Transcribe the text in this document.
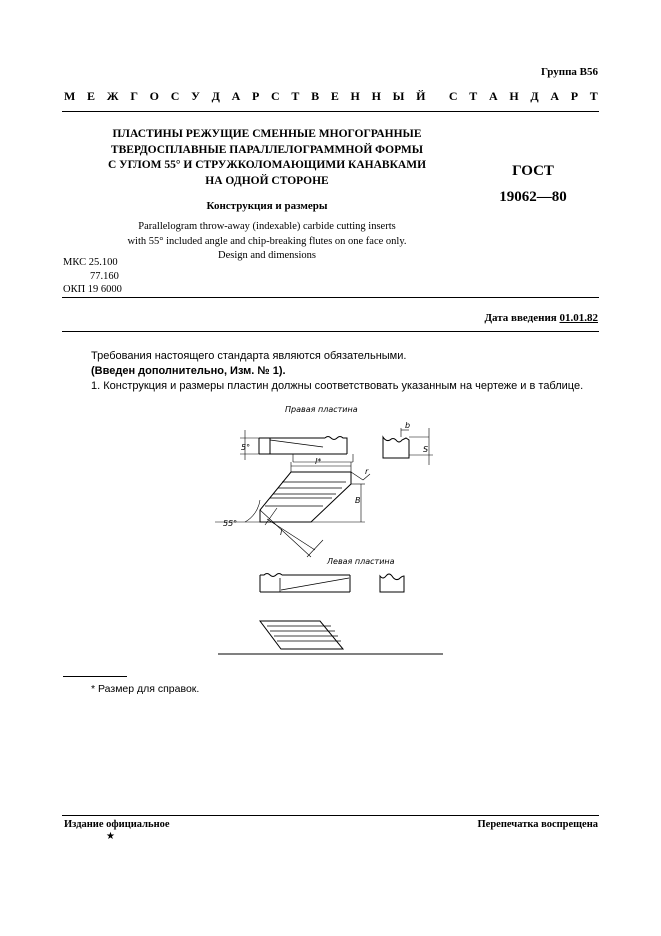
Группа В56
М Е Ж Г О С У Д А Р С Т В Е Н Н Ы Й С Т А Н Д А Р Т
ПЛАСТИНЫ РЕЖУЩИЕ СМЕННЫЕ МНОГОГРАННЫЕ
ТВЕРДОСПЛАВНЫЕ ПАРАЛЛЕЛОГРАММНОЙ ФОРМЫ
С УГЛОМ 55° И СТРУЖКОЛОМАЮЩИМИ КАНАВКАМИ
НА ОДНОЙ СТОРОНЕ
Конструкция и размеры
Parallelogram throw-away (indexable) carbide cutting inserts
with 55° included angle and chip-breaking flutes on one face only.
Design and dimensions
ГОСТ
19062—80
МКС 25.100
77.160
ОКП 19 6000
Дата введения 01.01.82
Требования настоящего стандарта являются обязательными.
(Введен дополнительно, Изм. № 1).
1. Конструкция и размеры пластин должны соответствовать указанным на чертеже и в таблице.
Правая пластина
Левая пластина
5°	S
b
l*
r
B
l
55°
* Размер для справок.
Издание официальное
★
Перепечатка воспрещена
